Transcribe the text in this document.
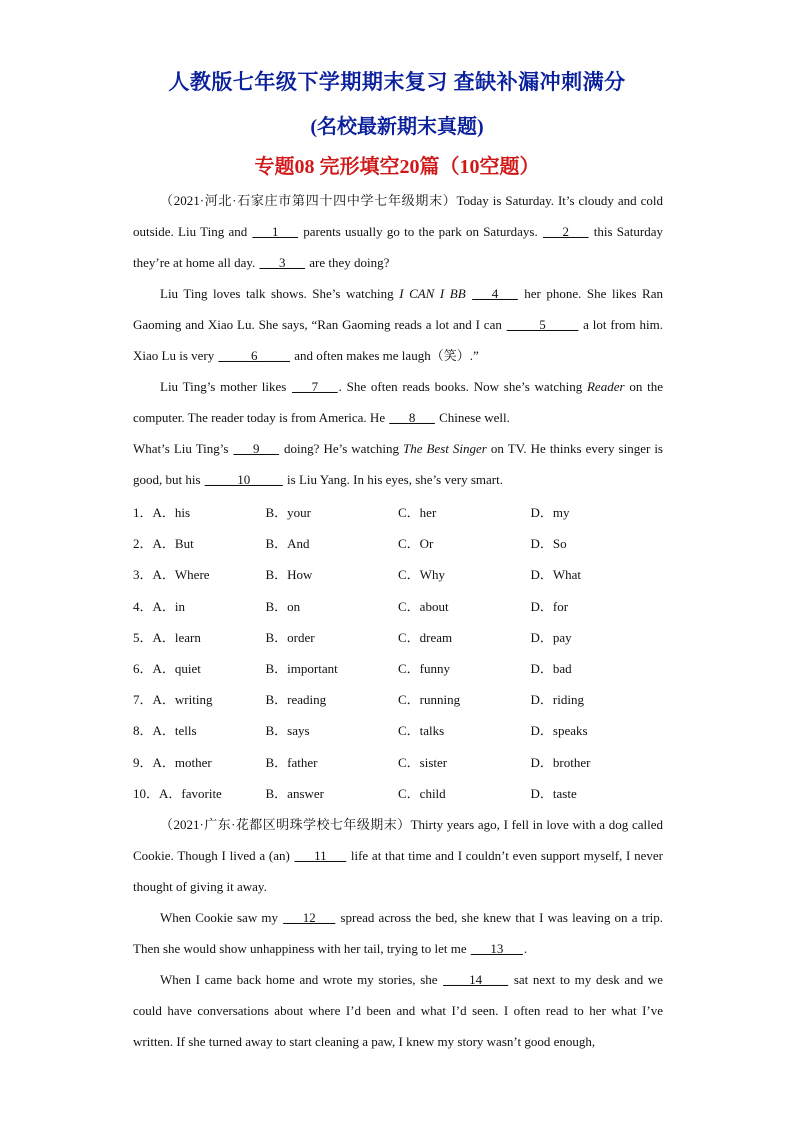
人教版七年级下学期期末复习 查缺补漏冲刺满分
(名校最新期末真题)
专题08 完形填空20篇（10空题）

（2021·河北·石家庄市第四十四中学七年级期末）Today is Saturday. It’s cloudy and cold outside. Liu Ting and ___1___ parents usually go to the park on Saturdays. ___2___ this Saturday they’re at home all day. ___3___ are they doing?

Liu Ting loves talk shows. She’s watching I CAN I BB ___4___ her phone. She likes Ran Gaoming and Xiao Lu. She says, “Ran Gaoming reads a lot and I can _____5_____ a lot from him. Xiao Lu is very _____6_____ and often makes me laugh（笑）.”

Liu Ting’s mother likes ___7___. She often reads books. Now she’s watching Reader on the computer. The reader today is from America. He ___8___ Chinese well.

What’s Liu Ting’s ___9___ doing? He’s watching The Best Singer on TV. He thinks every singer is good, but his _____10_____ is Liu Yang. In his eyes, she’s very smart.

1．A．his	B．your	C．her	D．my
2．A．But	B．And	C．Or	D．So
3．A．Where	B．How	C．Why	D．What
4．A．in	B．on	C．about	D．for
5．A．learn	B．order	C．dream	D．pay
6．A．quiet	B．important	C．funny	D．bad
7．A．writing	B．reading	C．running	D．riding
8．A．tells	B．says	C．talks	D．speaks
9．A．mother	B．father	C．sister	D．brother
10．A．favorite	B．answer	C．child	D．taste

（2021·广东·花都区明珠学校七年级期末）Thirty years ago, I fell in love with a dog called Cookie. Though I lived a (an) ___11___ life at that time and I couldn’t even support myself, I never thought of giving it away.

When Cookie saw my ___12___ spread across the bed, she knew that I was leaving on a trip. Then she would show unhappiness with her tail, trying to let me ___13___.

When I came back home and wrote my stories, she ____14____ sat next to my desk and we could have conversations about where I’d been and what I’d seen. I often read to her what I’ve written. If she turned away to start cleaning a paw, I knew my story wasn’t good enough,
